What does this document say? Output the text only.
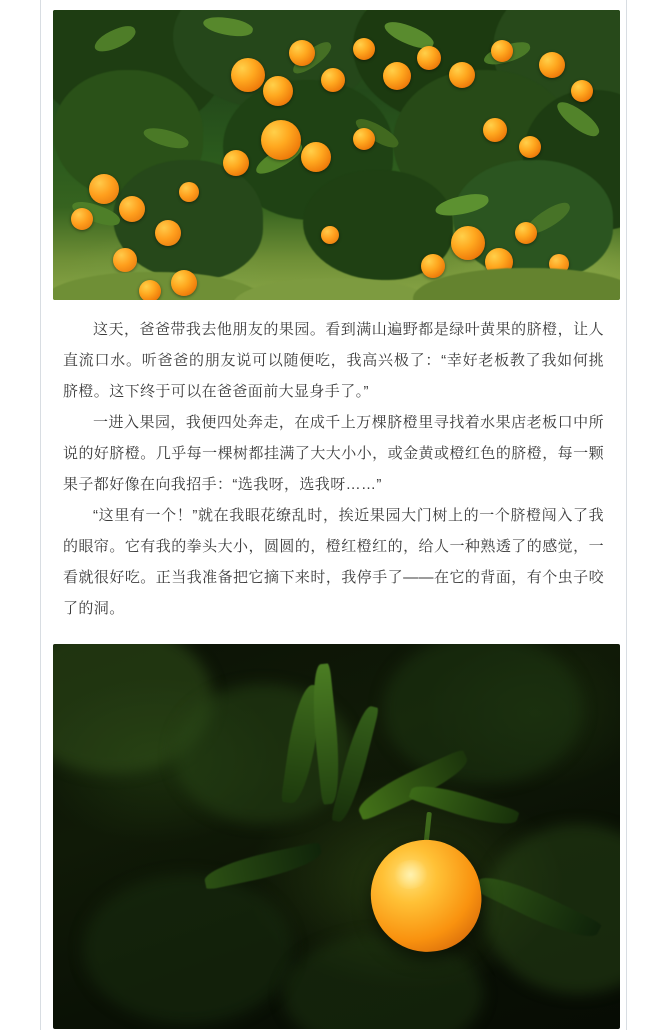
这天，爸爸带我去他朋友的果园。看到满山遍野都是绿叶黄果的脐橙，让人直流口水。听爸爸的朋友说可以随便吃，我高兴极了：“幸好老板教了我如何挑脐橙。这下终于可以在爸爸面前大显身手了。”

一进入果园，我便四处奔走，在成千上万棵脐橙里寻找着水果店老板口中所说的好脐橙。几乎每一棵树都挂满了大大小小，或金黄或橙红色的脐橙，每一颗果子都好像在向我招手：“选我呀，选我呀……”

“这里有一个！”就在我眼花缭乱时，挨近果园大门树上的一个脐橙闯入了我的眼帘。它有我的拳头大小，圆圆的，橙红橙红的，给人一种熟透了的感觉，一看就很好吃。正当我准备把它摘下来时，我停手了——在它的背面，有个虫子咬了的洞。
